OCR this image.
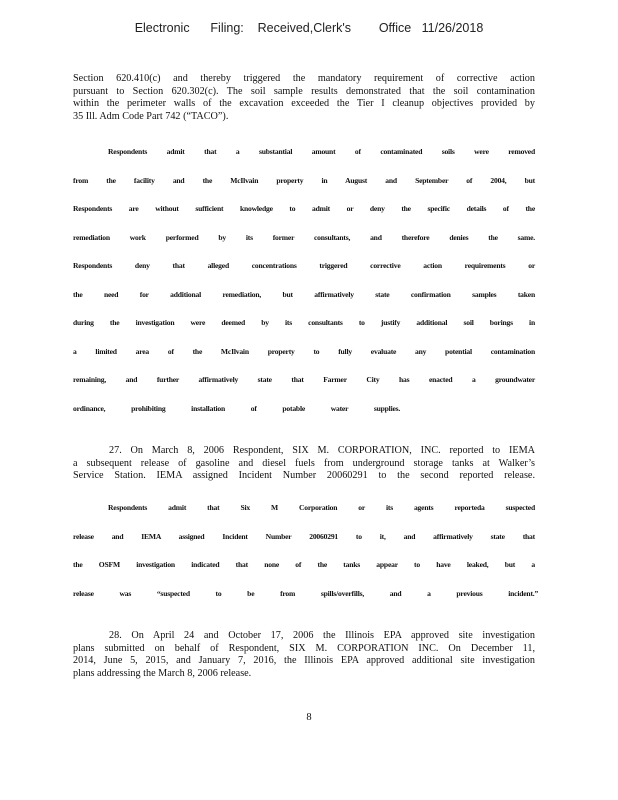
Electronic      Filing:    Received,Clerk's        Office   11/26/2018
Section 620.410(c) and thereby triggered the mandatory requirement of corrective action
pursuant to Section 620.302(c). The soil sample results demonstrated that the soil contamination
within the perimeter walls of the excavation exceeded the Tier I cleanup objectives provided by
35 Ill. Adm Code Part 742 (“TACO”).
Respondents admit that a substantial amount of contaminated soils were removed
from the facility and the McIlvain property in August and September of 2004, but
Respondents are without sufficient knowledge to admit or deny the specific details of the
remediation work performed by its former consultants, and therefore denies the same.
Respondents deny that alleged concentrations triggered corrective action requirements or
the need for additional remediation, but affirmatively state confirmation samples taken
during the investigation were deemed by its consultants to justify additional soil borings in
a limited area of the McIlvain property to fully evaluate any potential contamination
remaining, and further affirmatively state that Farmer City has enacted a groundwater
ordinance, prohibiting installation of potable water supplies.
27. On March 8, 2006 Respondent, SIX M. CORPORATION, INC. reported to IEMA
a subsequent release of gasoline and diesel fuels from underground storage tanks at Walker’s
Service Station. IEMA assigned Incident Number 20060291 to the second reported release.
Respondents admit that Six M Corporation or its agents reporteda suspected
release and IEMA assigned Incident Number 20060291 to it, and affirmatively state that
the OSFM investigation indicated that none of the tanks appear to have leaked, but a
release was “suspected to be from spills/overfills, and a previous incident.”
28. On April 24 and October 17, 2006 the Illinois EPA approved site investigation
plans submitted on behalf of Respondent, SIX M. CORPORATION INC. On December 11,
2014, June 5, 2015, and January 7, 2016, the Illinois EPA approved additional site investigation
plans addressing the March 8, 2006 release.
8
